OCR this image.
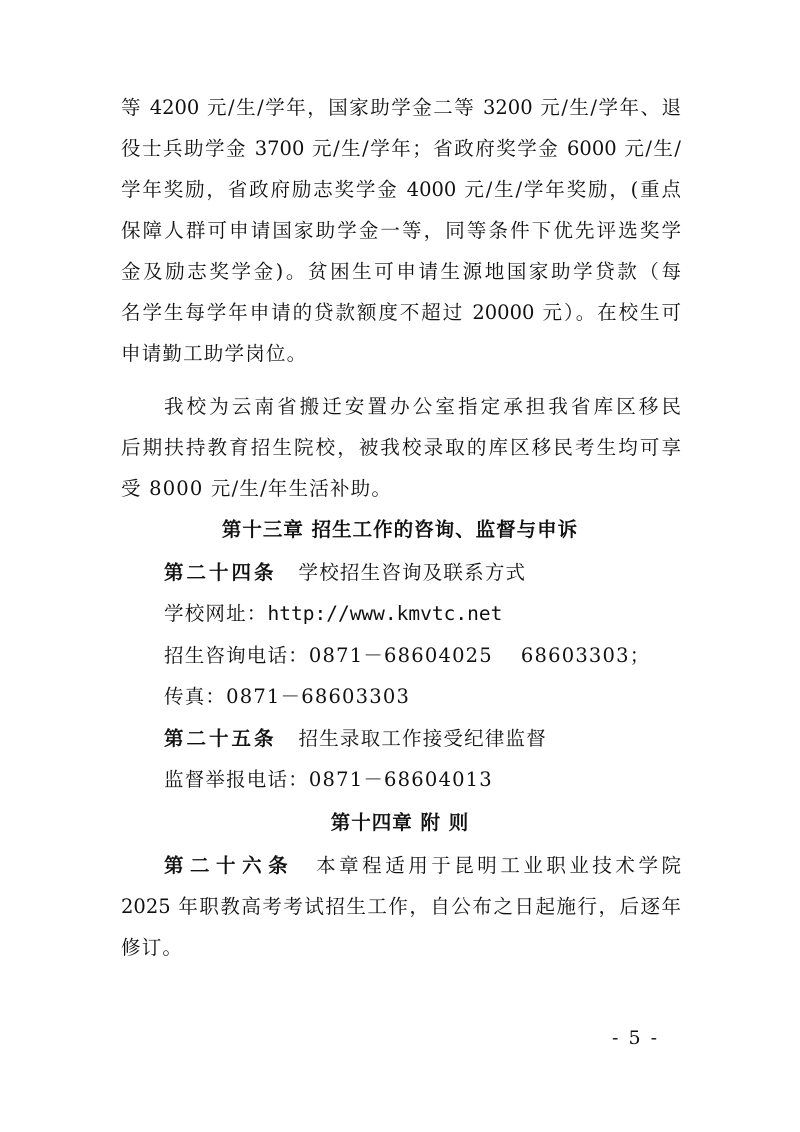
等 4200 元/生/学年，国家助学金二等 3200 元/生/学年、退
役士兵助学金 3700 元/生/学年；省政府奖学金 6000 元/生/
学年奖励，省政府励志奖学金 4000 元/生/学年奖励，(重点
保障人群可申请国家助学金一等，同等条件下优先评选奖学
金及励志奖学金)。贫困生可申请生源地国家助学贷款（每
名学生每学年申请的贷款额度不超过 20000 元）。在校生可
申请勤工助学岗位。
我校为云南省搬迁安置办公室指定承担我省库区移民
后期扶持教育招生院校，被我校录取的库区移民考生均可享
受 8000 元/生/年生活补助。
第十三章 招生工作的咨询、监督与申诉
第二十四条 学校招生咨询及联系方式
学校网址：http://www.kmvtc.net
招生咨询电话：0871－68604025 68603303；
传真：0871－68603303
第二十五条 招生录取工作接受纪律监督
监督举报电话：0871－68604013
第十四章 附 则
第二十六条 本章程适用于昆明工业职业技术学院
2025 年职教高考考试招生工作，自公布之日起施行，后逐年
修订。
- 5 -
